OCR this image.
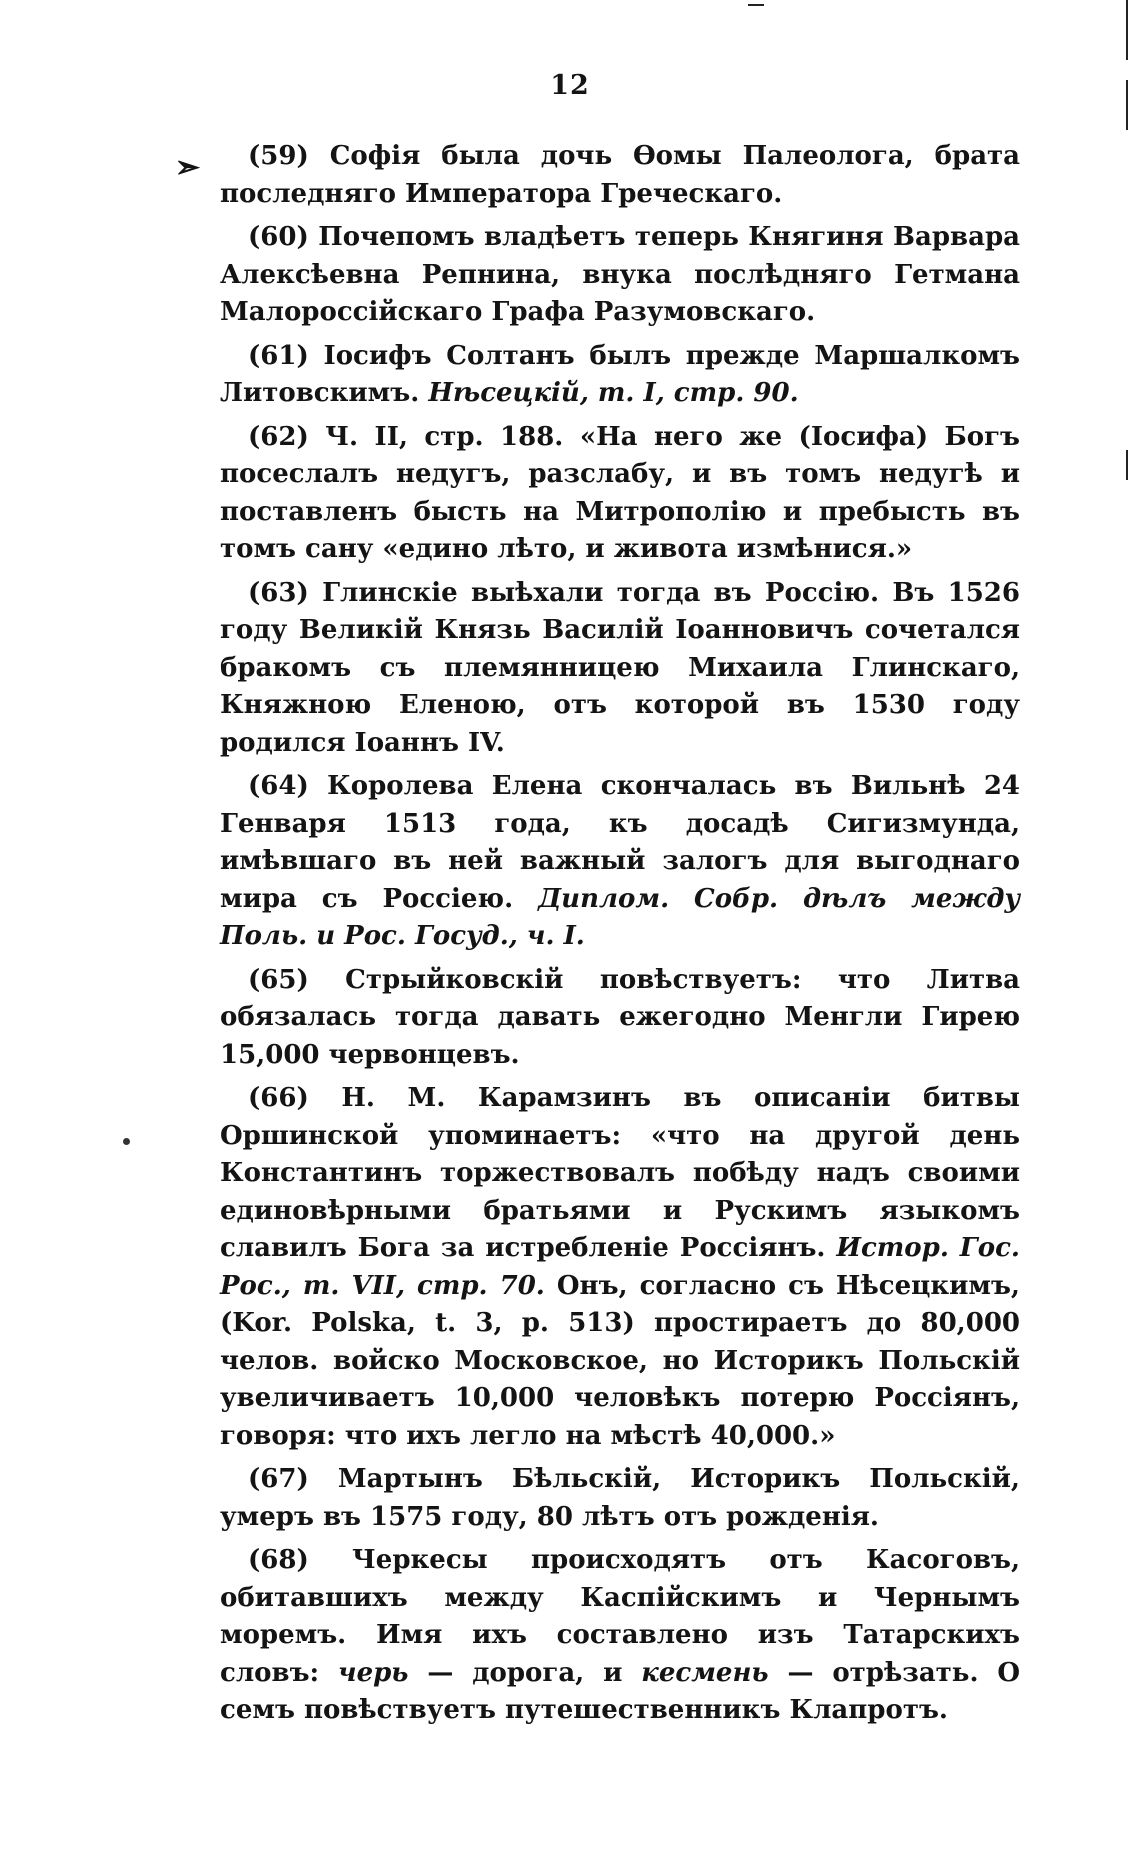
12
➣	(59) Софія была дочь Ѳомы Палеолога, брата последняго Императора Греческаго.

(60) Почепомъ владѣетъ теперь Княгиня Варвара Алексѣевна Репнина, внука послѣдняго Гетмана Малороссійскаго Графа Разумовскаго.

(61) Іосифъ Солтанъ былъ прежде Маршалкомъ Литовскимъ. Нѣсецкій, т. I, стр. 90.

(62) Ч. II, стр. 188. «На него же (Іосифа) Богъ посеслалъ недугъ, разслабу, и въ томъ недугѣ и поставленъ бысть на Митрополію и пребысть въ томъ сану «едино лѣто, и живота измѣнися.»

(63) Глинскіе выѣхали тогда въ Россію. Въ 1526 году Великій Князь Василій Іоанновичъ сочетался бракомъ съ племянницею Михаила Глинскаго, Княжною Еленою, отъ которой въ 1530 году родился Іоаннъ IV.

(64) Королева Елена скончалась въ Вильнѣ 24 Генваря 1513 года, къ досадѣ Сигизмунда, имѣвшаго въ ней важный залогъ для выгоднаго мира съ Россіею. Диплом. Собр. дѣлъ между Поль. и Рос. Госуд., ч. I.

(65) Стрыйковскій повѣствуетъ: что Литва обязалась тогда давать ежегодно Менгли Гирею 15,000 червонцевъ.

(66) Н. М. Карамзинъ въ описаніи битвы Оршинской упоминаетъ: «что на другой день Константинъ торжествовалъ побѣду надъ своими единовѣрными братьями и Рускимъ языкомъ славилъ Бога за истребленіе Россіянъ. Истор. Гос. Рос., т. VII, стр. 70. Онъ, согласно съ Нѣсецкимъ, (Kor. Polska, t. 3, p. 513) простираетъ до 80,000 челов. войско Московское, но Историкъ Польскій увеличиваетъ 10,000 человѣкъ потерю Россіянъ, говоря: что ихъ легло на мѣстѣ 40,000.»

(67) Мартынъ Бѣльскій, Историкъ Польскій, умеръ въ 1575 году, 80 лѣтъ отъ рожденія.

(68) Черкесы происходятъ отъ Касоговъ, обитавшихъ между Каспійскимъ и Чернымъ моремъ. Имя ихъ составлено изъ Татарскихъ словъ: черь — дорога, и кесмень — отрѣзать. О семъ повѣствуетъ путешественникъ Клапротъ.
